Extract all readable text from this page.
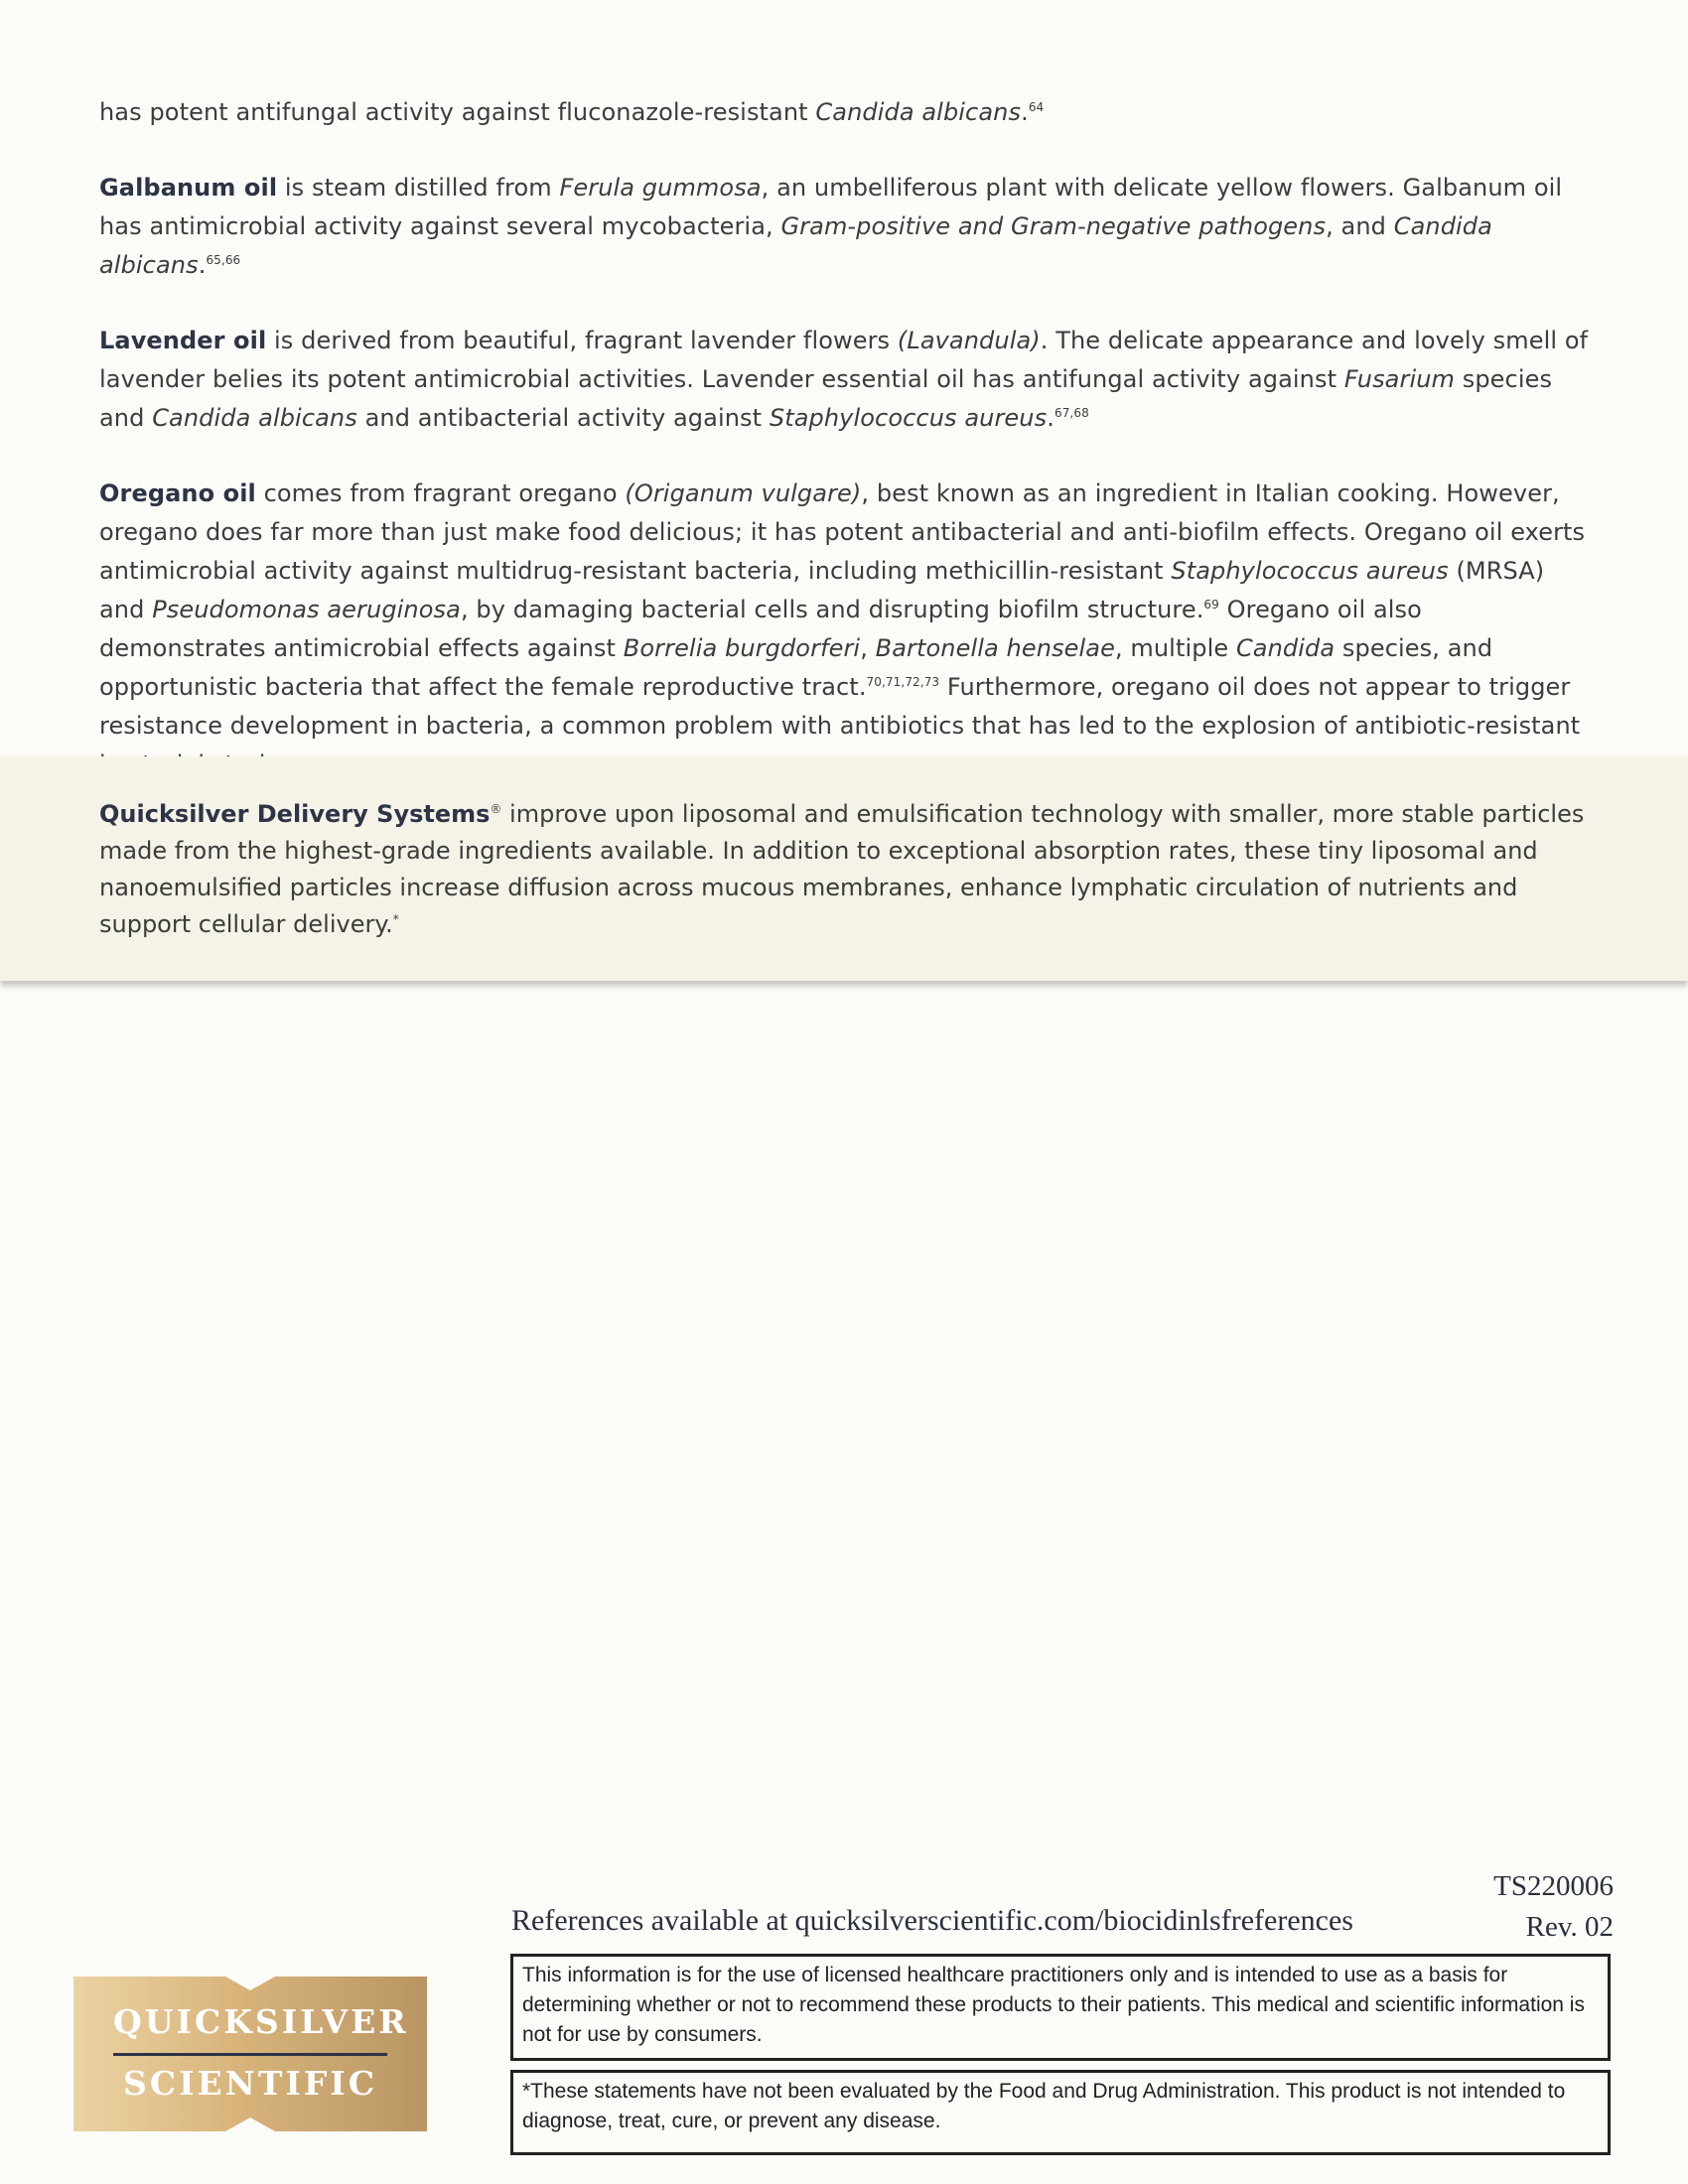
has potent antifungal activity against fluconazole-resistant Candida albicans.$^{64}$

Galbanum oil is steam distilled from Ferula gummosa, an umbelliferous plant with delicate yellow flowers. Galbanum oil has antimicrobial activity against several mycobacteria, Gram-positive and Gram-negative pathogens, and Candida albicans.$^{65,66}$

Lavender oil is derived from beautiful, fragrant lavender flowers (Lavandula). The delicate appearance and lovely smell of lavender belies its potent antimicrobial activities. Lavender essential oil has antifungal activity against Fusarium species and Candida albicans and antibacterial activity against Staphylococcus aureus.$^{67,68}$

Oregano oil comes from fragrant oregano (Origanum vulgare), best known as an ingredient in Italian cooking. However, oregano does far more than just make food delicious; it has potent antibacterial and anti-biofilm effects. Oregano oil exerts antimicrobial activity against multidrug-resistant bacteria, including methicillin-resistant Staphylococcus aureus (MRSA) and Pseudomonas aeruginosa, by damaging bacterial cells and disrupting biofilm structure.$^{69}$ Oregano oil also demonstrates antimicrobial effects against Borrelia burgdorferi, Bartonella henselae, multiple Candida species, and opportunistic bacteria that affect the female reproductive tract.$^{70,71,72,73}$ Furthermore, oregano oil does not appear to trigger resistance development in bacteria, a common problem with antibiotics that has led to the explosion of antibiotic-resistant

Quicksilver Delivery Systems® improve upon liposomal and emulsification technology with smaller, more stable particles made from the highest-grade ingredients available. In addition to exceptional absorption rates, these tiny liposomal and nanoemulsified particles increase diffusion across mucous membranes, enhance lymphatic circulation of nutrients and support cellular delivery.*

TS220006
Rev. 02
References available at quicksilverscientific.com/biocidinlsfreferences
This information is for the use of licensed healthcare practitioners only and is intended to use as a basis for determining whether or not to recommend these products to their patients. This medical and scientific information is not for use by consumers.
*These statements have not been evaluated by the Food and Drug Administration. This product is not intended to diagnose, treat, cure, or prevent any disease.
QUICKSILVER
SCIENTIFIC
